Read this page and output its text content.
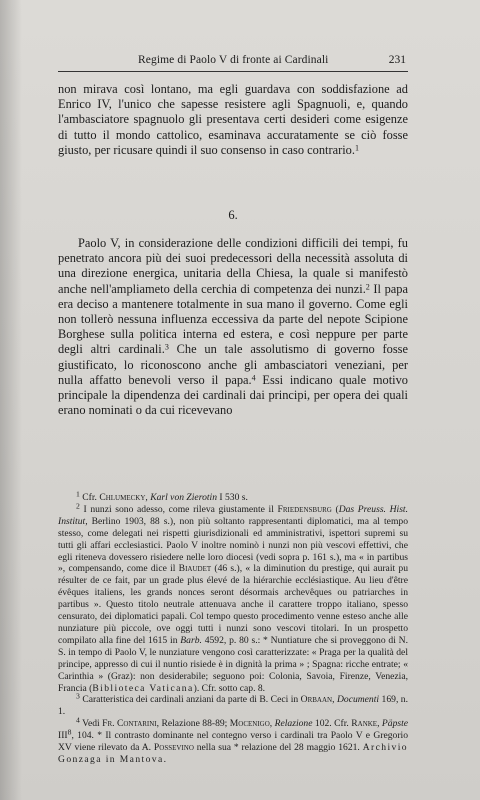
Regime di Paolo V di fronte ai Cardinali	231
non mirava così lontano, ma egli guardava con soddisfazione ad Enrico IV, l'unico che sapesse resistere agli Spagnuoli, e, quando l'ambasciatore spagnuolo gli presentava certi desideri come esigenze di tutto il mondo cattolico, esaminava accuratamente se ciò fosse giusto, per ricusare quindi il suo consenso in caso contrario.$^1$
6.
Paolo V, in considerazione delle condizioni difficili dei tempi, fu penetrato ancora più dei suoi predecessori della necessità assoluta di una direzione energica, unitaria della Chiesa, la quale si manifestò anche nell'ampliameto della cerchia di competenza dei nunzi.$^2$ Il papa era deciso a mantenere totalmente in sua mano il governo. Come egli non tollerò nessuna influenza eccessiva da parte del nepote Scipione Borghese sulla politica interna ed estera, e così neppure per parte degli altri cardinali.$^3$ Che un tale assolutismo di governo fosse giustificato, lo riconoscono anche gli ambasciatori veneziani, per nulla affatto benevoli verso il papa.$^4$ Essi indicano quale motivo principale la dipendenza dei cardinali dai principi, per opera dei quali erano nominati o da cui ricevevano

$^1$ Cfr. Chlumecky, Karl von Zierotin I 530 s.

$^2$ I nunzi sono adesso, come rileva giustamente il Friedensburg (Das Preuss. Hist. Institut, Berlino 1903, 88 s.), non più soltanto rappresentanti diplomatici, ma al tempo stesso, come delegati nei rispetti giurisdizionali ed amministrativi, ispettori supremi su tutti gli affari ecclesiastici. Paolo V inoltre nominò i nunzi non più vescovi effettivi, che egli riteneva dovessero risiedere nelle loro diocesi (vedi sopra p. 161 s.), ma « in partibus », compensando, come dice il Biaudet (46 s.), « la diminution du prestige, qui aurait pu résulter de ce fait, par un grade plus élevé de la hiérarchie ecclésiastique. Au lieu d'être évêques italiens, les grands nonces seront désormais archevêques ou patriarches in partibus ». Questo titolo neutrale attenuava anche il carattere troppo italiano, spesso censurato, dei diplomatici papali. Col tempo questo procedimento venne esteso anche alle nunziature più piccole, ove oggi tutti i nunzi sono vescovi titolari. In un prospetto compilato alla fine del 1615 in Barb. 4592, p. 80 s.: * Nuntiature che si proveggono di N. S. in tempo di Paolo V, le nunziature vengono così caratterizzate: « Praga per la qualità del principe, appresso di cui il nuntio risiede è in dignità la prima » ; Spagna: ricche entrate; « Carinthia » (Graz): non desiderabile; seguono poi: Colonia, Savoia, Firenze, Venezia, Francia (Biblioteca Vaticana). Cfr. sotto cap. 8.

$^3$ Caratteristica dei cardinali anziani da parte di B. Ceci in Orbaan, Documenti 169, n. 1.

$^4$ Vedi Fr. Contarini, Relazione 88-89; Mocenigo, Relazione 102. Cfr. Ranke, Päpste III$^8$, 104. * Il contrasto dominante nel contegno verso i cardinali tra Paolo V e Gregorio XV viene rilevato da A. Possevino nella sua * relazione del 28 maggio 1621. Archivio Gonzaga in Mantova.
